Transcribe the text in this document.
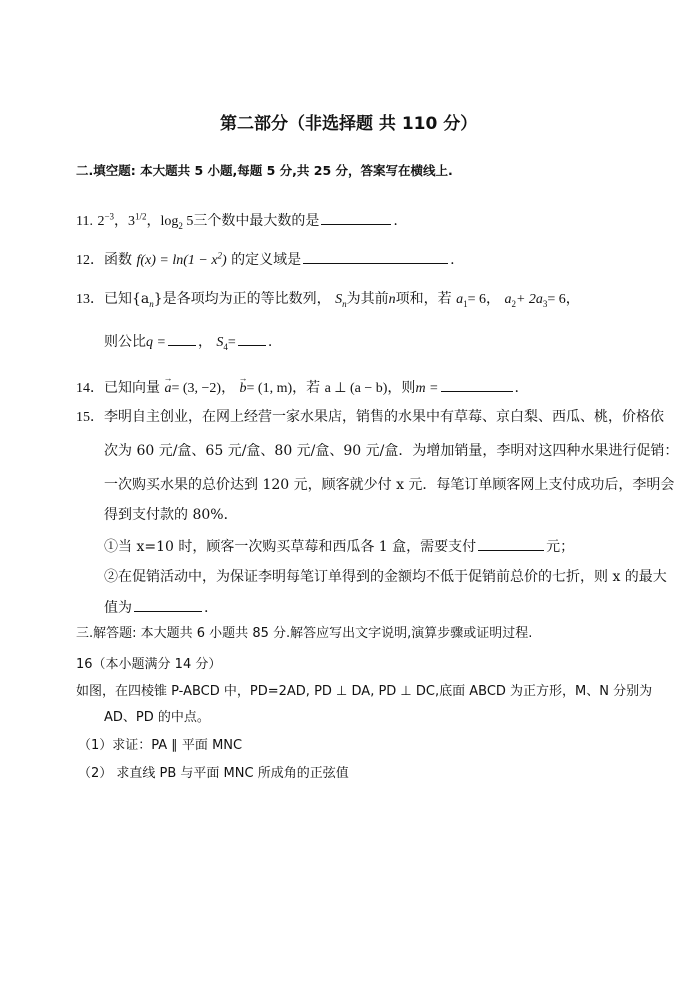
第二部分（非选择题 共 110 分）
二.填空题: 本大题共 5 小题,每题 5 分,共 25 分，答案写在横线上.
11. $2^{-3}$，$3^{1/2}$，$\log_2 5$三个数中最大数的是	.
12．函数 $f(x) = \ln(1 - x^2)$ 的定义域是	.
13．已知$\{a_n\}$是各项均为正的等比数列， $S_n$为其前n项和，若 $a_1= 6$， $a_2+ 2a_3= 6$，
则公比q = ， $S_4=$ .
14．已知向量 → a= (3, −2)， → b= (1, m)，若 a ⊥ (a − b)，则m =	.
15．李明自主创业，在网上经营一家水果店，销售的水果中有草莓、京白梨、西瓜、桃，价格依
次为 60 元/盒、65 元/盒、80 元/盒、90 元/盒．为增加销量，李明对这四种水果进行促销：
一次购买水果的总价达到 120 元，顾客就少付 x 元．每笔订单顾客网上支付成功后，李明会
得到支付款的 80%．
①当 x=10 时，顾客一次购买草莓和西瓜各 1 盒，需要支付	元；
②在促销活动中，为保证李明每笔订单得到的金额均不低于促销前总价的七折，则 x 的最大
值为	.
三.解答题: 本大题共 6 小题共 85 分.解答应写出文字说明,演算步骤或证明过程.
16（本小题满分 14 分）
如图，在四棱锥 P-ABCD 中，PD=2AD, PD ⊥ DA, PD ⊥ DC,底面 ABCD 为正方形，M、N 分别为
AD、PD 的中点。
（1）求证：PA ∥ 平面 MNC
（2） 求直线 PB 与平面 MNC 所成角的正弦值
